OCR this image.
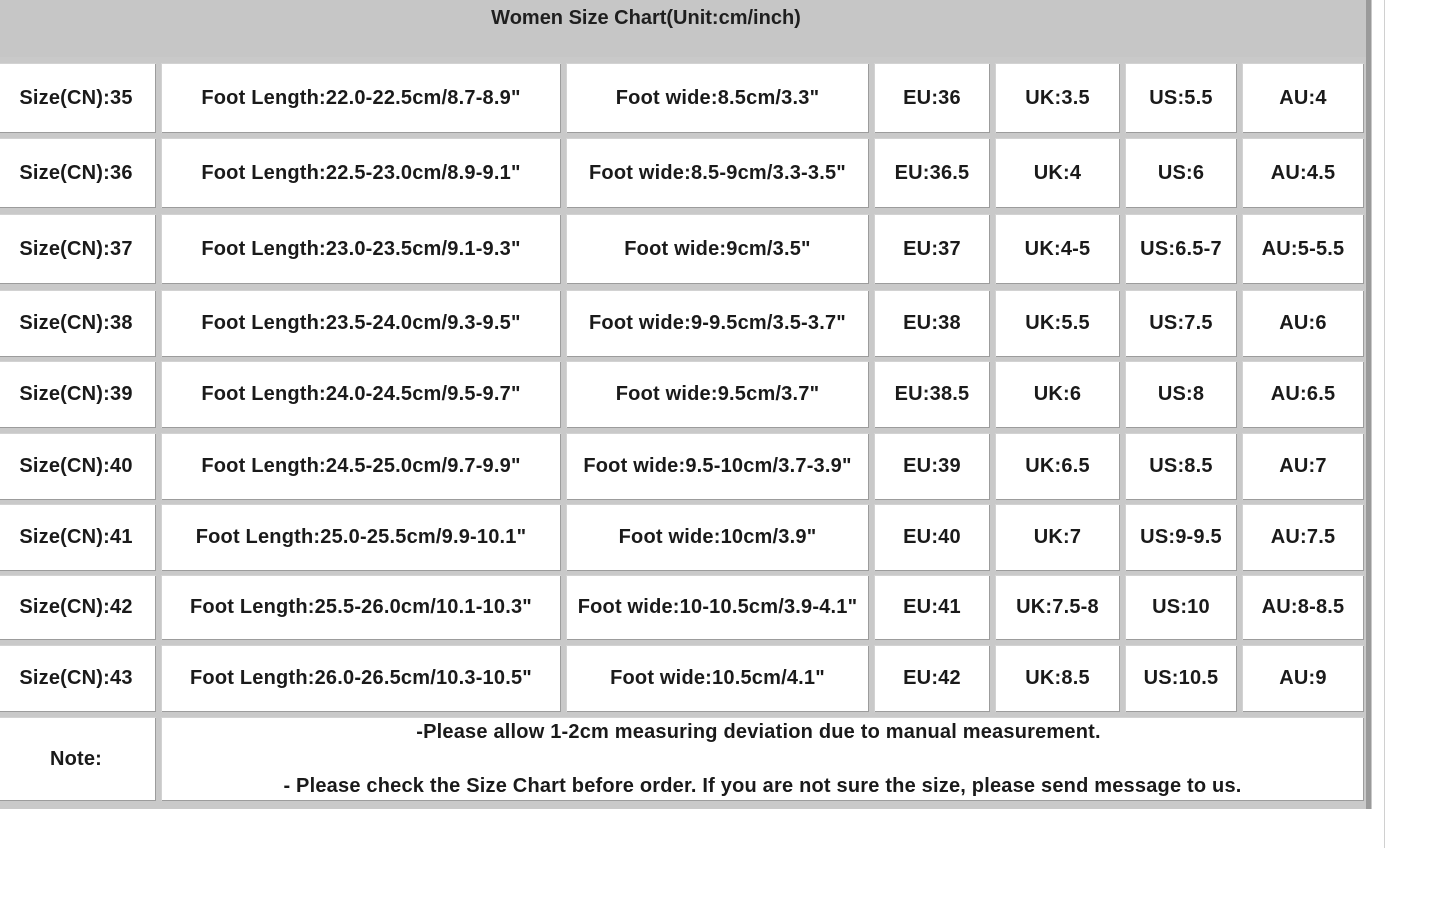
Women Size Chart(Unit:cm/inch)
Size(CN):35	Foot Length:22.0-22.5cm/8.7-8.9"	Foot wide:8.5cm/3.3"	EU:36	UK:3.5	US:5.5	AU:4
Size(CN):36	Foot Length:22.5-23.0cm/8.9-9.1"	Foot wide:8.5-9cm/3.3-3.5"	EU:36.5	UK:4	US:6	AU:4.5
Size(CN):37	Foot Length:23.0-23.5cm/9.1-9.3"	Foot wide:9cm/3.5"	EU:37	UK:4-5	US:6.5-7	AU:5-5.5
Size(CN):38	Foot Length:23.5-24.0cm/9.3-9.5"	Foot wide:9-9.5cm/3.5-3.7"	EU:38	UK:5.5	US:7.5	AU:6
Size(CN):39	Foot Length:24.0-24.5cm/9.5-9.7"	Foot wide:9.5cm/3.7"	EU:38.5	UK:6	US:8	AU:6.5
Size(CN):40	Foot Length:24.5-25.0cm/9.7-9.9"	Foot wide:9.5-10cm/3.7-3.9"	EU:39	UK:6.5	US:8.5	AU:7
Size(CN):41	Foot Length:25.0-25.5cm/9.9-10.1"	Foot wide:10cm/3.9"	EU:40	UK:7	US:9-9.5	AU:7.5
Size(CN):42	Foot Length:25.5-26.0cm/10.1-10.3"	Foot wide:10-10.5cm/3.9-4.1"	EU:41	UK:7.5-8	US:10	AU:8-8.5
Size(CN):43	Foot Length:26.0-26.5cm/10.3-10.5"	Foot wide:10.5cm/4.1"	EU:42	UK:8.5	US:10.5	AU:9
Note:
-Please allow 1-2cm measuring deviation due to manual measurement.
- Please check the Size Chart before order. If you are not sure the size, please send message to us.
